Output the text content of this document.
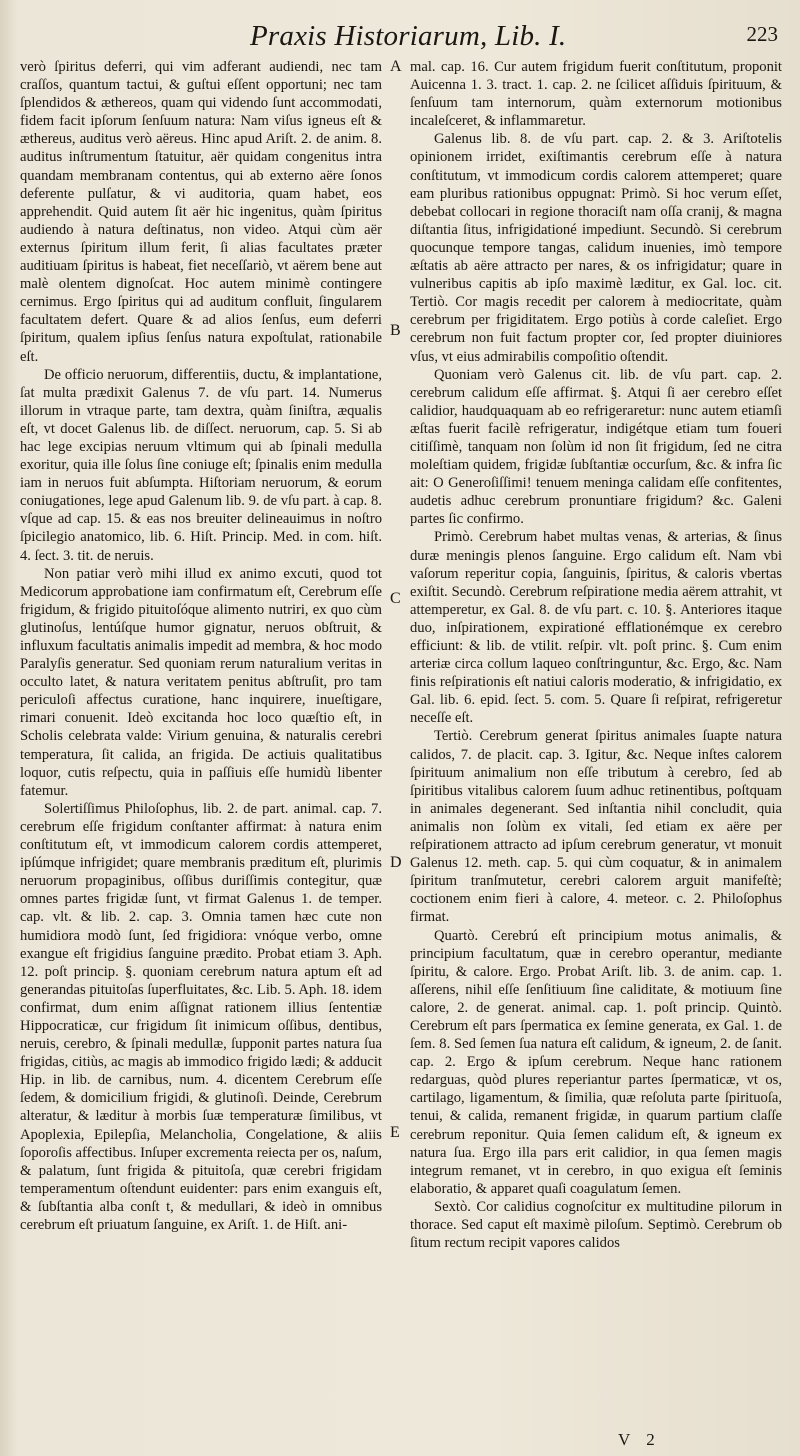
Praxis Historiarum, Lib. I.	223

verò ſpiritus deferri, qui vim adferant audiendi, nec tam craſſos, quantum tactui, & guſtui eſſent opportuni; nec tam ſplendidos & æthereos, quam qui videndo ſunt accommodati, fidem facit ipſorum ſenſuum natura: Nam viſus igneus eſt & æthereus, auditus verò aëreus. Hinc apud Ariſt. 2. de anim. 8. auditus inſtrumentum ſtatuitur, aër quidam congenitus intra quandam membranam contentus, qui ab externo aëre ſonos deferente pulſatur, & vi auditoria, quam habet, eos apprehendit. Quid autem ſit aër hic ingenitus, quàm ſpiritus audiendo à natura deſtinatus, non video. Atqui cùm aër externus ſpiritum illum ferit, ſi alias facultates præter auditiuam ſpiritus is habeat, fiet neceſſariò, vt aërem bene aut malè olentem dignoſcat. Hoc autem minimè contingere cernimus. Ergo ſpiritus qui ad auditum confluit, ſingularem facultatem defert. Quare & ad alios ſenſus, eum deferri ſpiritum, qualem ipſius ſenſus natura expoſtulat, rationabile eſt.

De officio neruorum, differentiis, ductu, & implantatione, ſat multa prædixit Galenus 7. de vſu part. 14. Numerus illorum in vtraque parte, tam dextra, quàm ſiniſtra, æqualis eſt, vt docet Galenus lib. de diſſect. neruorum, cap. 5. Si ab hac lege excipias neruum vltimum qui ab ſpinali medulla exoritur, quia ille ſolus ſine coniuge eſt; ſpinalis enim medulla iam in neruos fuit abſumpta. Hiſtoriam neruorum, & eorum coniugationes, lege apud Galenum lib. 9. de vſu part. à cap. 8. vſque ad cap. 15. & eas nos breuiter delineauimus in noſtro ſpicilegio anatomico, lib. 6. Hiſt. Princip. Med. in com. hiſt. 4. ſect. 3. tit. de neruis.

Non patiar verò mihi illud ex animo excuti, quod tot Medicorum approbatione iam confirmatum eſt, Cerebrum eſſe frigidum, & frigido pituitoſóque alimento nutriri, ex quo cùm glutinoſus, lentúſque humor gignatur, neruos obſtruit, & influxum facultatis animalis impedit ad membra, & hoc modo Paralyſis generatur. Sed quoniam rerum naturalium veritas in occulto latet, & natura veritatem penitus abſtruſit, pro tam periculoſi affectus curatione, hanc inquirere, inueſtigare, rimari conuenit. Ideò excitanda hoc loco quæſtio eſt, in Scholis celebrata valde: Virium genuina, & naturalis cerebri temperatura, ſit calida, an frigida. De actiuis qualitatibus loquor, cutis reſpectu, quia in paſſiuis eſſe humidù libenter fatemur.

Solertiſſimus Philoſophus, lib. 2. de part. animal. cap. 7. cerebrum eſſe frigidum conſtanter affirmat: à natura enim conſtitutum eſt, vt immodicum calorem cordis attemperet, ipſúmque infrigidet; quare membranis præditum eſt, plurimis neruorum propaginibus, oſſibus duriſſimis contegitur, quæ omnes partes frigidæ ſunt, vt firmat Galenus 1. de temper. cap. vlt. & lib. 2. cap. 3. Omnia tamen hæc cute non humidiora modò ſunt, ſed frigidiora: vnóque verbo, omne exangue eſt frigidius ſanguine prædito. Probat etiam 3. Aph. 12. poſt princip. §. quoniam cerebrum natura aptum eſt ad generandas pituitoſas ſuperfluitates, &c. Lib. 5. Aph. 18. idem confirmat, dum enim aſſignat rationem illius ſententiæ Hippocraticæ, cur frigidum ſit inimicum oſſibus, dentibus, neruis, cerebro, & ſpinali medullæ, ſupponit partes natura ſua frigidas, citiùs, ac magis ab immodico frigido lædi; & adducit Hip. in lib. de carnibus, num. 4. dicentem Cerebrum eſſe ſedem, & domicilium frigidi, & glutinoſi. Deinde, Cerebrum alteratur, & læditur à morbis ſuæ temperaturæ ſimilibus, vt Apoplexia, Epilepſia, Melancholia, Congelatione, & aliis ſoporoſis affectibus. Inſuper excrementa reiecta per os, naſum, & palatum, ſunt frigida & pituitoſa, quæ cerebri frigidam temperamentum oſtendunt euidenter: pars enim exanguis eſt, & ſubſtantia alba conſt t, & medullari, & ideò in omnibus cerebrum eſt priuatum ſanguine, ex Ariſt. 1. de Hiſt. ani-

A
B
C
D
E

mal. cap. 16. Cur autem frigidum fuerit conſtitutum, proponit Auicenna 1. 3. tract. 1. cap. 2. ne ſcilicet aſſiduis ſpirituum, & ſenſuum tam internorum, quàm externorum motionibus incaleſceret, & inflammaretur.

Galenus lib. 8. de vſu part. cap. 2. & 3. Ariſtotelis opinionem irridet, exiſtimantis cerebrum eſſe à natura conſtitutum, vt immodicum cordis calorem attemperet; quare eam pluribus rationibus oppugnat: Primò. Si hoc verum eſſet, debebat collocari in regione thoraciſt nam oſſa cranij, & magna diſtantia ſitus, infrigidationé impediunt. Secundò. Si cerebrum quocunque tempore tangas, calidum inuenies, imò tempore æſtatis ab aëre attracto per nares, & os infrigidatur; quare in vulneribus capitis ab ipſo maximè læditur, ex Gal. loc. cit. Tertiò. Cor magis recedit per calorem à mediocritate, quàm cerebrum per frigiditatem. Ergo potiùs à corde caleſiet. Ergo cerebrum non fuit factum propter cor, ſed propter diuiniores vſus, vt eius admirabilis compoſitio oſtendit.

Quoniam verò Galenus cit. lib. de vſu part. cap. 2. cerebrum calidum eſſe affirmat. §. Atqui ſi aer cerebro eſſet calidior, haudquaquam ab eo refrigeraretur: nunc autem etiamſi æſtas fuerit facilè refrigeratur, indigétque etiam tum foueri citiſſimè, tanquam non ſolùm id non ſit frigidum, ſed ne citra moleſtiam quidem, frigidæ ſubſtantiæ occurſum, &c. & infra ſic ait: O Generoſiſſimi! tenuem meninga calidam eſſe confitentes, audetis adhuc cerebrum pronuntiare frigidum? &c. Galeni partes ſic confirmo.

Primò. Cerebrum habet multas venas, & arterias, & ſinus duræ meningis plenos ſanguine. Ergo calidum eſt. Nam vbi vaſorum reperitur copia, ſanguinis, ſpiritus, & caloris vbertas exiſtit. Secundò. Cerebrum reſpiratione media aërem attrahit, vt attemperetur, ex Gal. 8. de vſu part. c. 10. §. Anteriores itaque duo, inſpirationem, expirationé efflationémque ex cerebro efficiunt: & lib. de vtilit. reſpir. vlt. poſt princ. §. Cum enim arteriæ circa collum laqueo conſtringuntur, &c. Ergo, &c. Nam finis reſpirationis eſt natiui caloris moderatio, & infrigidatio, ex Gal. lib. 6. epid. ſect. 5. com. 5. Quare ſi reſpirat, refrigeretur neceſſe eſt.

Tertiò. Cerebrum generat ſpiritus animales ſuapte natura calidos, 7. de placit. cap. 3. Igitur, &c. Neque inſtes calorem ſpirituum animalium non eſſe tributum à cerebro, ſed ab ſpiritibus vitalibus calorem ſuum adhuc retinentibus, poſtquam in animales degenerant. Sed inſtantia nihil concludit, quia animalis non ſolùm ex vitali, ſed etiam ex aëre per reſpirationem attracto ad ipſum cerebrum generatur, vt monuit Galenus 12. meth. cap. 5. qui cùm coquatur, & in animalem ſpiritum tranſmutetur, cerebri calorem arguit manifeſtè; coctionem enim fieri à calore, 4. meteor. c. 2. Philoſophus firmat.

Quartò. Cerebrú eſt principium motus animalis, & principium facultatum, quæ in cerebro operantur, mediante ſpiritu, & calore. Ergo. Probat Ariſt. lib. 3. de anim. cap. 1. aſſerens, nihil eſſe ſenſitiuum ſine caliditate, & motiuum ſine calore, 2. de generat. animal. cap. 1. poſt princip. Quintò. Cerebrum eſt pars ſpermatica ex ſemine generata, ex Gal. 1. de ſem. 8. Sed ſemen ſua natura eſt calidum, & igneum, 2. de ſanit. cap. 2. Ergo & ipſum cerebrum. Neque hanc rationem redarguas, quòd plures reperiantur partes ſpermaticæ, vt os, cartilago, ligamentum, & ſimilia, quæ reſoluta parte ſpirituoſa, tenui, & calida, remanent frigidæ, in quarum partium claſſe cerebrum reponitur. Quia ſemen calidum eſt, & igneum ex natura ſua. Ergo illa pars erit calidior, in qua ſemen magis integrum remanet, vt in cerebro, in quo exigua eſt ſeminis elaboratio, & apparet quaſi coagulatum ſemen.

Sextò. Cor calidius cognoſcitur ex multitudine pilorum in thorace. Sed caput eſt maximè piloſum. Septimò. Cerebrum ob ſitum rectum recipit vapores calidos

V 2
